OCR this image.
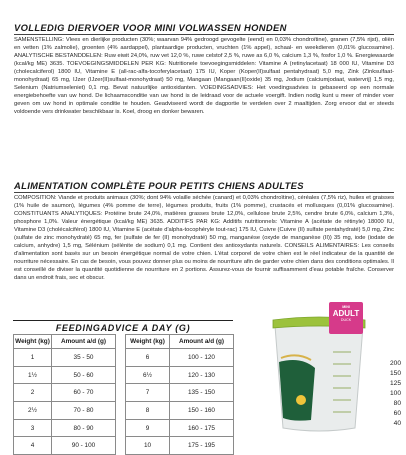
VOLLEDIG DIERVOER VOOR MINI VOLWASSEN HONDEN
SAMENSTELLING: Vlees en dierlijke producten (30%; waarvan 94% gedroogd gevogelte (eend) en 0,03% chondroïtine), granen (7,5% rijst), oliën en vetten (1% zalmolie), groenten (4% aardappel), plantaardige producten, vruchten (1% appel), schaal- en weekdieren (0,01% glucosamine). ANALYTISCHE BESTANDDELEN: Ruw eiwit 24,0%, ruw vet 12,0 %, ruwe celstof 2,5 %, ruwe as 6,0 %, calcium 1,3 %, fosfor 1,0 %. Energiewaarde (kcal/kg ME) 3635. TOEVOEGINGSMIDDELEN PER KG: Nutritionele toevoegingsmiddelen: Vitamine A (retinylacetaat) 18 000 IU, Vitamine D3 (cholecalciferol) 1800 IU, Vitamine E (all-rac-alfa-tocoferylacetaat) 175 IU, Koper (Koper(II)sulfaat pentahydraat) 5,0 mg, Zink (Zinksulfaat-monohydraat) 65 mg, IJzer (IJzer(II)sulfaat-monohydraat) 50 mg, Mangaan (Mangaan(II)oxide) 35 mg, Jodium (calciumjodaat, watervrij) 1,5 mg, Selenium (Natriumseleniet) 0,1 mg. Bevat natuurlijke antioxidanten. VOEDINGSADVIES: Het voedingsadvies is gebaseerd op een normale energiebehoefte van uw hond. De lichaamsconditie van uw hond is de leidraad voor de actuele voergift. Indien nodig kunt u meer of minder voer geven om uw hond in optimale conditie te houden. Geadviseerd wordt de dagportie te verdelen over 2 maaltijden. Zorg ervoor dat er steeds voldoende vers drinkwater beschikbaar is. Koel, droog en donker bewaren.
ALIMENTATION COMPLÈTE POUR PETITS CHIENS ADULTES
COMPOSITION: Viande et produits animaux (30%; dont 94% volaille séchée (canard) et 0,03% chondroïtine), céréales (7,5% riz), huiles et graisses (1% huile de saumon), légumes (4% pomme de terre), légumes produits, fruits (1% pomme), crustacés et mollusques (0,01% glucosamine). CONSTITUANTS ANALYTIQUES: Protéine brute 24,0%, matières grasses brute 12,0%, cellulose brute 2,5%, cendre brute 6,0%, calcium 1,3%, phosphore 1,0%. Valeur énergétique (kcal/kg ME) 3635. ADDITIFS PAR KG: Additifs nutritionnels: Vitamine A (acétate de rétinyle) 18000 IU, Vitamine D3 (cholécalciférol) 1800 IU, Vitamine E (acétate d'alpha-tocophéryle tout-rac) 175 IU, Cuivre (Cuivre (II) sulfate pentahydraté) 5,0 mg, Zinc (sulfate de zinc monohydraté) 65 mg, fer (sulfate de fer (II) monohydraté) 50 mg, manganèse (oxyde de manganèse (II)) 35 mg, iode (iodate de calcium, anhydre) 1,5 mg, Sélénium (sélénite de sodium) 0,1 mg. Contient des antioxydants naturels. CONSEILS ALIMENTAIRES: Les conseils d'alimentation sont basés sur un besoin énergétique normal de votre chien. L'état corporel de votre chien est le réel indicateur de la quantité de nourriture nécessaire. En cas de besoin, vous pouvez donner plus ou moins de nourriture afin de garder votre chien dans des conditions optimales. Il est conseillé de diviser la quantité quotidienne de nourriture en 2 portions. Assurez-vous de fournir suffisamment d'eau potable fraîche. Conserver dans un endroit frais, sec et obscur.
FEEDINGADVICE A DAY (G)
Weight (kg)	Amount a/d (g)		Weight (kg)	Amount a/d (g)
1	35 - 50		6	100 - 120
1½	50 - 60		6½	120 - 130
2	60 - 70		7	135 - 150
2½	70 - 80		8	150 - 160
3	80 - 90		9	160 - 175
4	90 - 100		10	175 - 195
MINI
ADULT
DUCK
200
150
125
100
80
60
40
